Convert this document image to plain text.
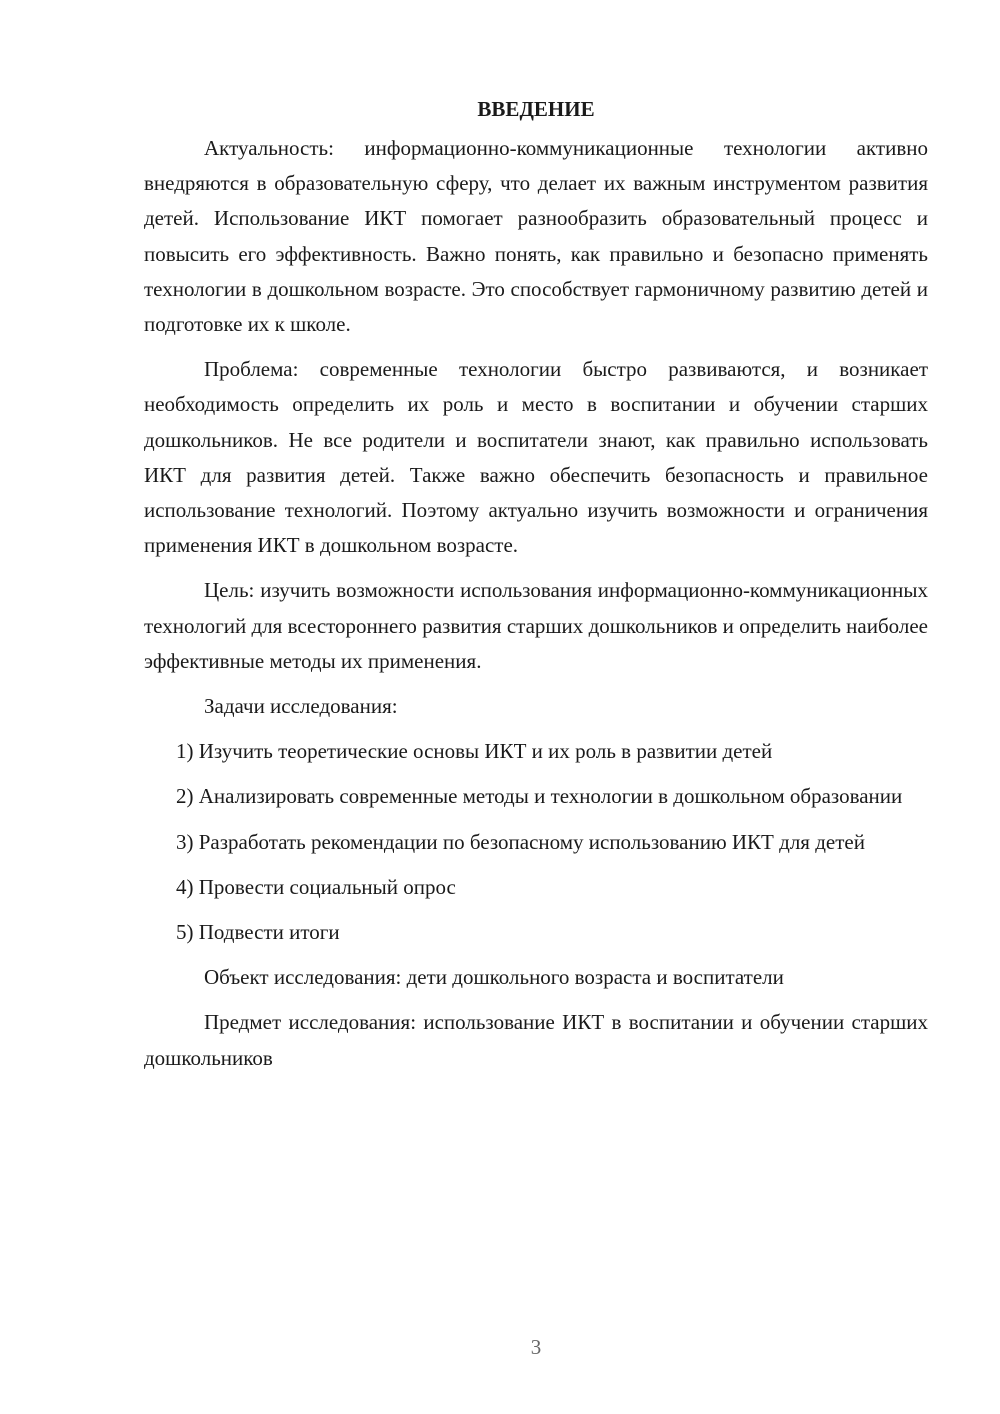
ВВЕДЕНИЕ

Актуальность: информационно-коммуникационные технологии активно внедряются в образовательную сферу, что делает их важным инструментом развития детей. Использование ИКТ помогает разнообразить образовательный процесс и повысить его эффективность. Важно понять, как правильно и безопасно применять технологии в дошкольном возрасте. Это способствует гармоничному развитию детей и подготовке их к школе.

Проблема: современные технологии быстро развиваются, и возникает необходимость определить их роль и место в воспитании и обучении старших дошкольников. Не все родители и воспитатели знают, как правильно использовать ИКТ для развития детей. Также важно обеспечить безопасность и правильное использование технологий. Поэтому актуально изучить возможности и ограничения применения ИКТ в дошкольном возрасте.

Цель: изучить возможности использования информационно-коммуникационных технологий для всестороннего развития старших дошкольников и определить наиболее эффективные методы их применения.

Задачи исследования:

1) Изучить теоретические основы ИКТ и их роль в развитии детей

2) Анализировать современные методы и технологии в дошкольном образовании

3) Разработать рекомендации по безопасному использованию ИКТ для детей

4) Провести социальный опрос

5) Подвести итоги

Объект исследования: дети дошкольного возраста и воспитатели

Предмет исследования: использование ИКТ в воспитании и обучении старших дошкольников

3
